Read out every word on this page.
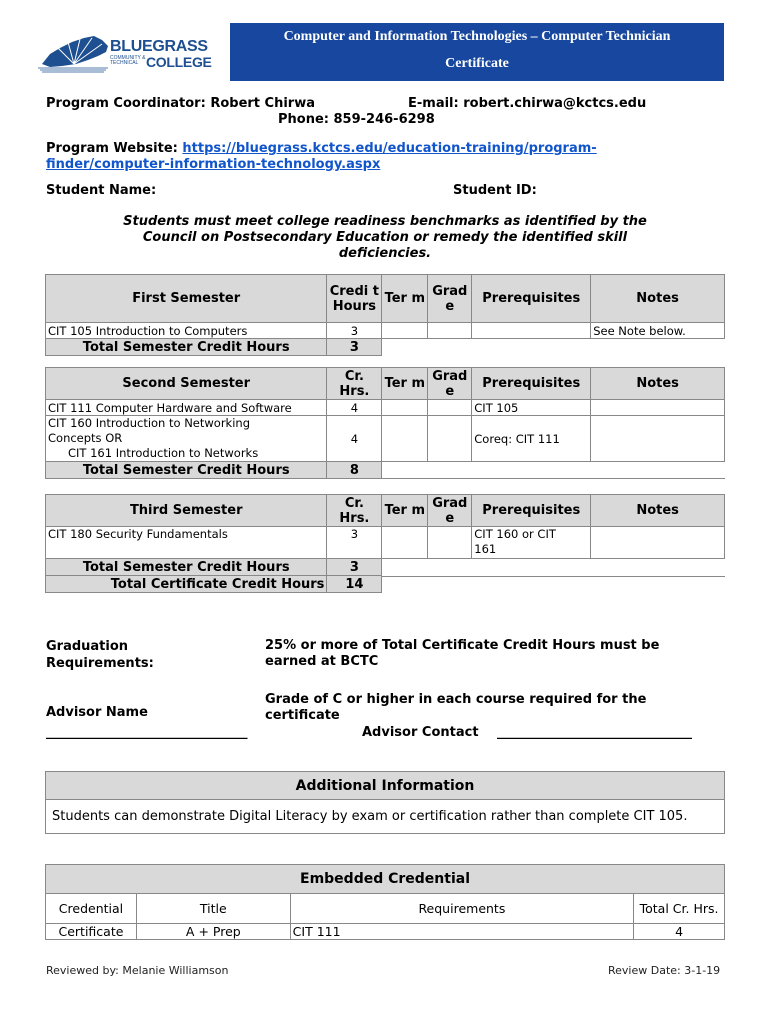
BLUEGRASS
COMMUNITY & TECHNICAL COLLEGE
Computer and Information Technologies – Computer Technician
Certificate
Program Coordinator: Robert Chirwa	E-mail: robert.chirwa@kctcs.edu
Phone: 859-246-6298
Program Website: https://bluegrass.kctcs.edu/education-training/program-
finder/computer-information-technology.aspx
Student Name:	Student ID:
Students must meet college readiness benchmarks as identified by the Council on Postsecondary Education or remedy the identified skill deficiencies.
First Semester	Credi t Hours	Ter m	Grad e	Prerequisites	Notes
CIT 105 Introduction to Computers	3				See Note below.
Total Semester Credit Hours	3				
Second Semester	Cr. Hrs.	Ter m	Grad e	Prerequisites	Notes
CIT 111 Computer Hardware and Software	4			CIT 105	

CIT 160 Introduction to Networking
Concepts OR
CIT 161 Introduction to Networks	4			Coreq: CIT 111	
Total Semester Credit Hours	8				
Third Semester	Cr. Hrs.	Ter m	Grad e	Prerequisites	Notes
CIT 180 Security Fundamentals	3			CIT 160 or CIT
161	

Total Semester Credit Hours	3				
Total Certificate Credit Hours	14				
Graduation Requirements:
25% or more of Total Certificate Credit Hours must be earned at BCTC
Grade of C or higher in each course required for the certificate
Advisor Name
_______________________________	Advisor Contact ______________________________
Additional Information
Students can demonstrate Digital Literacy by exam or certification rather than complete CIT 105.
Embedded Credential			
Credential	Title	Requirements	Total Cr. Hrs.
Certificate	A + Prep	CIT 111	4
Reviewed by: Melanie Williamson	Review Date: 3-1-19
